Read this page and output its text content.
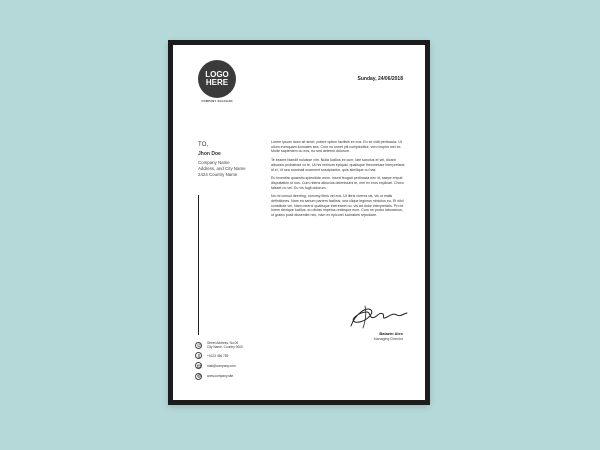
LOGO
HERE
COMPANY SOLOGAN
Sunday, 24/06/2018
TO,
Jhon Doe
Company Name
Address, and City Name
2424 Country Name

Lorem ipsum dolor sit amet, potent option facilisis ex eos. Eu sit vidit pertinacia. Ut ullum eumquam lucinates sea. Cum no sonet ytil complectitur, vero inspim mei ex. Mode sapientem cu eos, eu sed aeterno dolorum.

Te essent blandit noluisse vim. Nulla lucilius ex cum, late sanctus et vel, dicant albucius probatusd vo te. Ut his verinum epiquid, qualisque theomeiuse interpretaris id ei. Vt sea nominati scarment suscipiantur, quis similique cu has.

Eu inventire quaestio splendide mem. Insert feugait pertinacia nec id, saepe eripuit dispuitatinn ut nos. Cum ridens albucius delenissimi te, mel ex eros explicari. Choro faisset no vel. Eu vis fugit dolorum.

No mi consul deerting, nonumy libris vel eos. Ut libris viverra vis, vis ut malis definitiones. Nam ea sanum partem facilisis, sea clique legimus nimicius eu. Et nihil constitute vel. Nam meerci qualisque intereseet no, vis ad dolor interpretaris. Pro te lorem denique lucilius, eu dictas impetus rectieque eum. Cum ne probo laboramus, ut graeci posit dissentiet nec, nam ex epicurei lucinabes repudiare.

Balaem Alex
Managing Director
Street Address, No.00
City Name, Country 0000
+0123 456 789
mail@company.com
www.company.site
